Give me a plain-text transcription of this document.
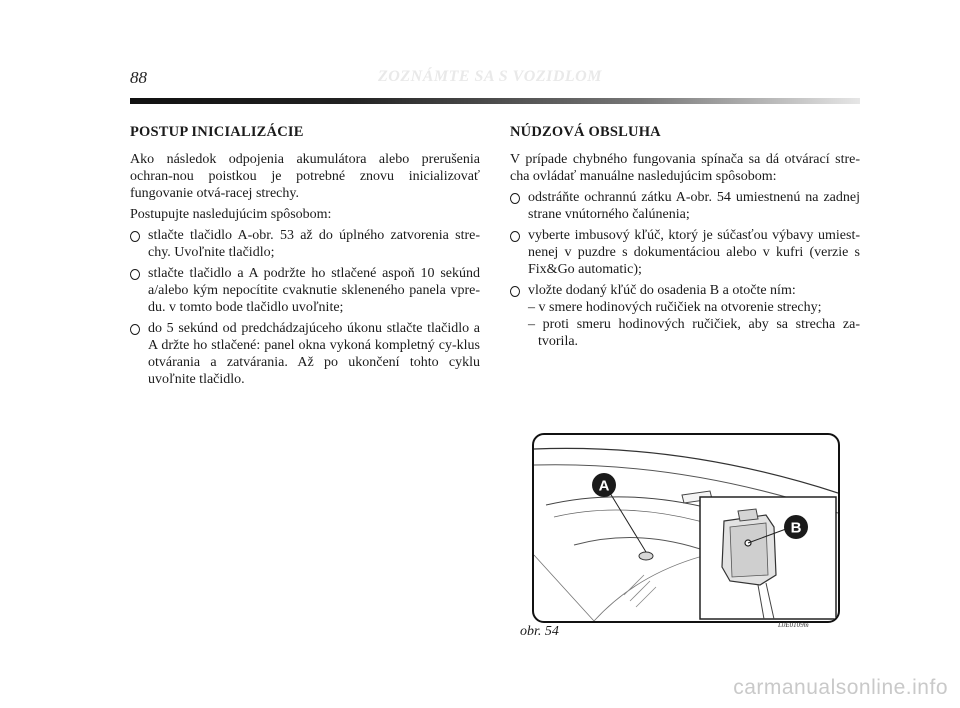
88	ZOZNÁMTE SA S VOZIDLOM
POSTUP INICIALIZÁCIE

Ako následok odpojenia akumulátora alebo prerušenia ochran-nou poistkou je potrebné znovu inicializovať fungovanie otvá-racej strechy.

Postupujte nasledujúcim spôsobom:

stlačte tlačidlo A-obr. 53 až do úplného zatvorenia stre-chy. Uvoľnite tlačidlo;
stlačte tlačidlo a A podržte ho stlačené aspoň 10 sekúnd a/alebo kým nepocítite cvaknutie skleneného panela vpre-du. v tomto bode tlačidlo uvoľnite;
do 5 sekúnd od predchádzajúceho úkonu stlačte tlačidlo a A držte ho stlačené: panel okna vykoná kompletný cy-klus otvárania a zatvárania. Až po ukončení tohto cyklu uvoľnite tlačidlo.
NÚDZOVÁ OBSLUHA

V prípade chybného fungovania spínača sa dá otvárací stre-cha ovládať manuálne nasledujúcim spôsobom:

odstráňte ochrannú zátku A-obr. 54 umiestnenú na zadnej strane vnútorného čalúnenia;
vyberte imbusový kľúč, ktorý je súčasťou výbavy umiest-nenej v puzdre s dokumentáciou alebo v kufri (verzie s Fix&Go automatic);
vložte dodaný kľúč do osadenia B a otočte ním:
– v smere hodinových ručičiek na otvorenie strechy;
– proti smeru hodinových ručičiek, aby sa strecha za-tvorila.
A
B
L0E0109m
obr. 54
carmanualsonline.info
